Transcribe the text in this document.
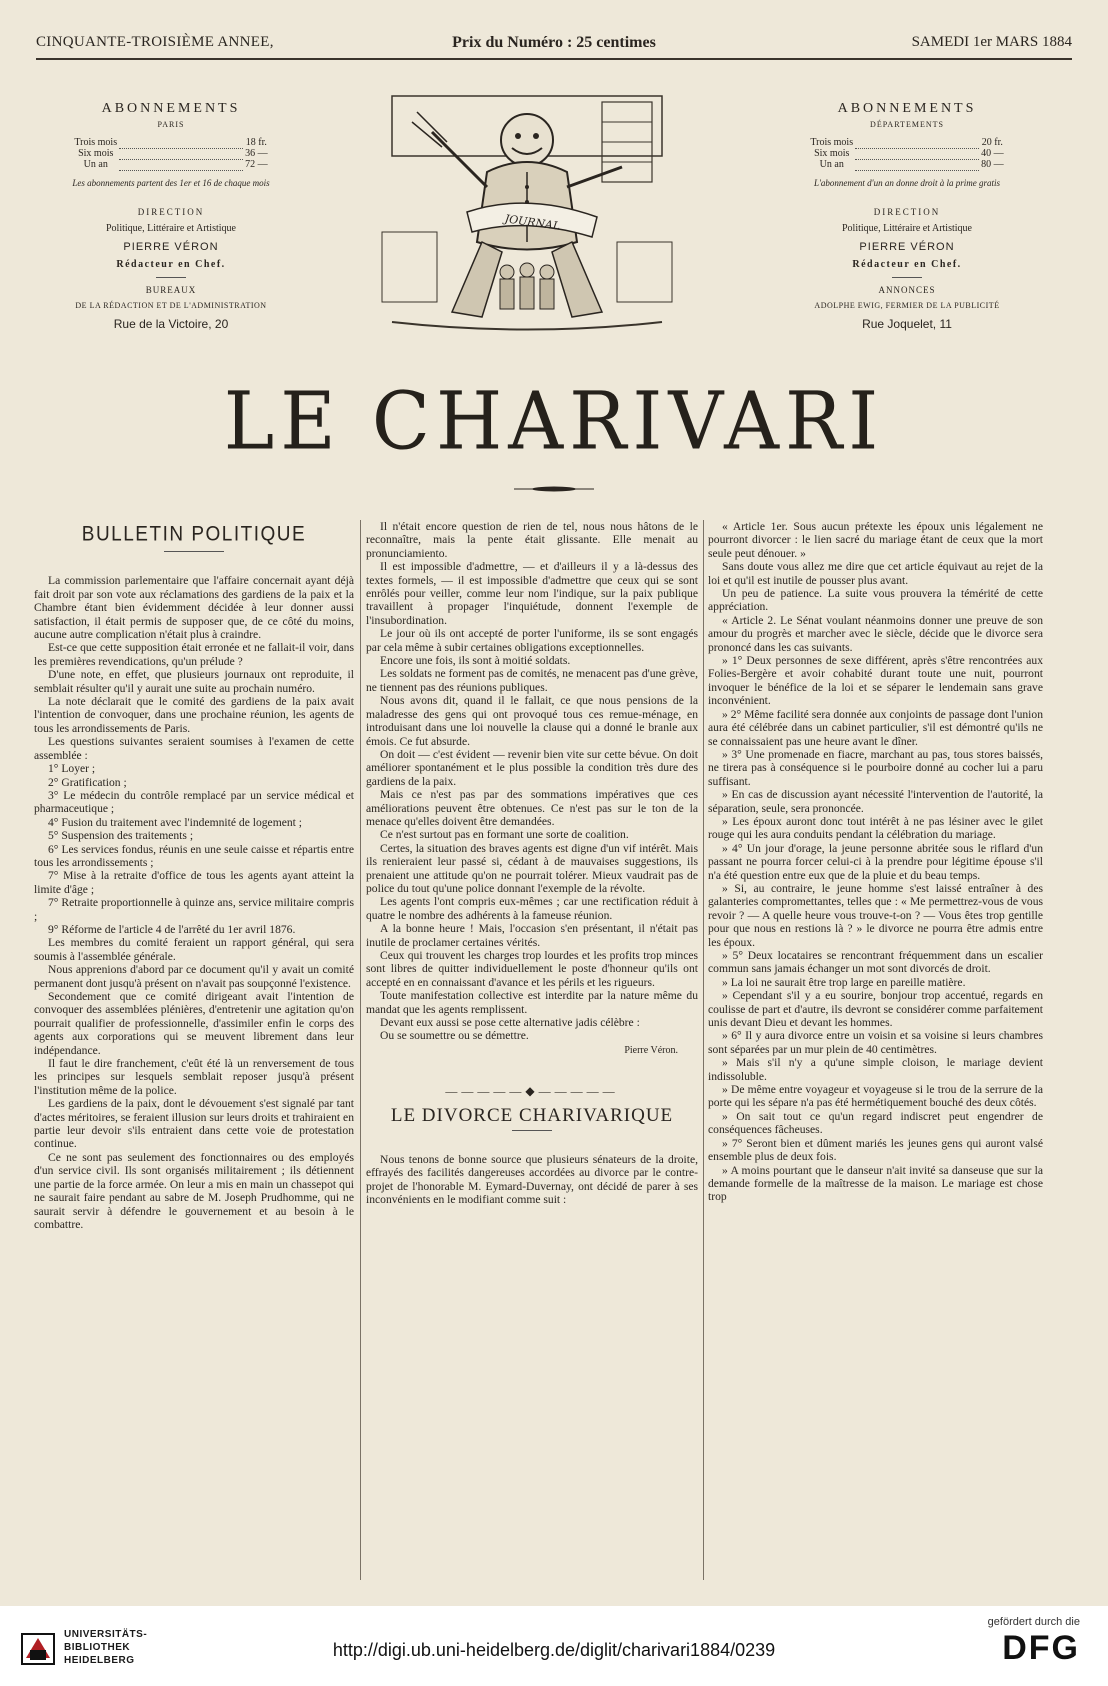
CINQUANTE-TROISIÈME ANNEE,	Prix du Numéro : 25 centimes	SAMEDI 1er MARS 1884
ABONNEMENTS
PARIS
Trois mois		18 fr.
Six mois		36 —
Un an		72 —
Les abonnements partent des 1er et 16 de chaque mois
DIRECTION
Politique, Littéraire et Artistique
PIERRE VÉRON
Rédacteur en Chef.
BUREAUX
DE LA RÉDACTION ET DE L'ADMINISTRATION
Rue de la Victoire, 20
ABONNEMENTS
DÉPARTEMENTS
Trois mois		20 fr.
Six mois		40 —
Un an		80 —
L'abonnement d'un an donne droit à la prime gratis
DIRECTION
Politique, Littéraire et Artistique
PIERRE VÉRON
Rédacteur en Chef.
ANNONCES
ADOLPHE EWIG, FERMIER DE LA PUBLICITÉ
Rue Joquelet, 11
JOURNAL
LE CHARIVARI
BULLETIN POLITIQUE

La commission parlementaire que l'affaire concernait ayant déjà fait droit par son vote aux réclamations des gardiens de la paix et la Chambre étant bien évidemment décidée à leur donner aussi satisfaction, il était permis de supposer que, de ce côté du moins, aucune autre complication n'était plus à craindre.

Est-ce que cette supposition était erronée et ne fallait-il voir, dans les premières revendications, qu'un prélude ?

D'une note, en effet, que plusieurs journaux ont reproduite, il semblait résulter qu'il y aurait une suite au prochain numéro.

La note déclarait que le comité des gardiens de la paix avait l'intention de convoquer, dans une prochaine réunion, les agents de tous les arrondissements de Paris.

Les questions suivantes seraient soumises à l'examen de cette assemblée :

1° Loyer ;

2° Gratification ;

3° Le médecin du contrôle remplacé par un service médical et pharmaceutique ;

4° Fusion du traitement avec l'indemnité de logement ;

5° Suspension des traitements ;

6° Les services fondus, réunis en une seule caisse et répartis entre tous les arrondissements ;

7° Mise à la retraite d'office de tous les agents ayant atteint la limite d'âge ;

7° Retraite proportionnelle à quinze ans, service militaire compris ;

9° Réforme de l'article 4 de l'arrêté du 1er avril 1876.

Les membres du comité feraient un rapport général, qui sera soumis à l'assemblée générale.

Nous apprenions d'abord par ce document qu'il y avait un comité permanent dont jusqu'à présent on n'avait pas soupçonné l'existence.

Secondement que ce comité dirigeant avait l'intention de convoquer des assemblées plénières, d'entretenir une agitation qu'on pourrait qualifier de professionnelle, d'assimiler enfin le corps des agents aux corporations qui se meuvent librement dans leur indépendance.

Il faut le dire franchement, c'eût été là un renversement de tous les principes sur lesquels semblait reposer jusqu'à présent l'institution même de la police.

Les gardiens de la paix, dont le dévouement s'est signalé par tant d'actes méritoires, se feraient illusion sur leurs droits et trahiraient en partie leur devoir s'ils entraient dans cette voie de protestation continue.

Ce ne sont pas seulement des fonctionnaires ou des employés d'un service civil. Ils sont organisés militairement ; ils détiennent une partie de la force armée. On leur a mis en main un chassepot qui ne saurait faire pendant au sabre de M. Joseph Prudhomme, qui ne saurait servir à défendre le gouvernement et au besoin à le combattre.

Il n'était encore question de rien de tel, nous nous hâtons de le reconnaître, mais la pente était glissante. Elle menait au pronunciamiento.

Il est impossible d'admettre, — et d'ailleurs il y a là-dessus des textes formels, — il est impossible d'admettre que ceux qui se sont enrôlés pour veiller, comme leur nom l'indique, sur la paix publique travaillent à propager l'inquiétude, donnent l'exemple de l'insubordination.

Le jour où ils ont accepté de porter l'uniforme, ils se sont engagés par cela même à subir certaines obligations exceptionnelles.

Encore une fois, ils sont à moitié soldats.

Les soldats ne forment pas de comités, ne menacent pas d'une grève, ne tiennent pas des réunions publiques.

Nous avons dit, quand il le fallait, ce que nous pensions de la maladresse des gens qui ont provoqué tous ces remue-ménage, en introduisant dans une loi nouvelle la clause qui a donné le branle aux émois. Ce fut absurde.

On doit — c'est évident — revenir bien vite sur cette bévue. On doit améliorer spontanément et le plus possible la condition très dure des gardiens de la paix.

Mais ce n'est pas par des sommations impératives que ces améliorations peuvent être obtenues. Ce n'est pas sur le ton de la menace qu'elles doivent être demandées.

Ce n'est surtout pas en formant une sorte de coalition.

Certes, la situation des braves agents est digne d'un vif intérêt. Mais ils renieraient leur passé si, cédant à de mauvaises suggestions, ils prenaient une attitude qu'on ne pourrait tolérer. Mieux vaudrait pas de police du tout qu'une police donnant l'exemple de la révolte.

Les agents l'ont compris eux-mêmes ; car une rectification réduit à quatre le nombre des adhérents à la fameuse réunion.

A la bonne heure ! Mais, l'occasion s'en présentant, il n'était pas inutile de proclamer certaines vérités.

Ceux qui trouvent les charges trop lourdes et les profits trop minces sont libres de quitter individuellement le poste d'honneur qu'ils ont accepté en en connaissant d'avance et les périls et les rigueurs.

Toute manifestation collective est interdite par la nature même du mandat que les agents remplissent.

Devant eux aussi se pose cette alternative jadis célèbre :

Ou se soumettre ou se démettre.

Pierre Véron.
—————◆—————
LE DIVORCE CHARIVARIQUE

Nous tenons de bonne source que plusieurs sénateurs de la droite, effrayés des facilités dangereuses accordées au divorce par le contre-projet de l'honorable M. Eymard-Duvernay, ont décidé de parer à ses inconvénients en le modifiant comme suit :

« Article 1er. Sous aucun prétexte les époux unis légalement ne pourront divorcer : le lien sacré du mariage étant de ceux que la mort seule peut dénouer. »

Sans doute vous allez me dire que cet article équivaut au rejet de la loi et qu'il est inutile de pousser plus avant.

Un peu de patience. La suite vous prouvera la témérité de cette appréciation.

« Article 2. Le Sénat voulant néanmoins donner une preuve de son amour du progrès et marcher avec le siècle, décide que le divorce sera prononcé dans les cas suivants.

» 1° Deux personnes de sexe différent, après s'être rencontrées aux Folies-Bergère et avoir cohabité durant toute une nuit, pourront invoquer le bénéfice de la loi et se séparer le lendemain sans grave inconvénient.

» 2° Même facilité sera donnée aux conjoints de passage dont l'union aura été célébrée dans un cabinet particulier, s'il est démontré qu'ils ne se connaissaient pas une heure avant le dîner.

» 3° Une promenade en fiacre, marchant au pas, tous stores baissés, ne tirera pas à conséquence si le pourboire donné au cocher lui a paru suffisant.

» En cas de discussion ayant nécessité l'intervention de l'autorité, la séparation, seule, sera prononcée.

» Les époux auront donc tout intérêt à ne pas lésiner avec le gilet rouge qui les aura conduits pendant la célébration du mariage.

» 4° Un jour d'orage, la jeune personne abritée sous le riflard d'un passant ne pourra forcer celui-ci à la prendre pour légitime épouse s'il n'a été question entre eux que de la pluie et du beau temps.

» Si, au contraire, le jeune homme s'est laissé entraîner à des galanteries compromettantes, telles que : « Me permettrez-vous de vous revoir ? — A quelle heure vous trouve-t-on ? — Vous êtes trop gentille pour que nous en restions là ? » le divorce ne pourra être admis entre les époux.

» 5° Deux locataires se rencontrant fréquemment dans un escalier commun sans jamais échanger un mot sont divorcés de droit.

» La loi ne saurait être trop large en pareille matière.

» Cependant s'il y a eu sourire, bonjour trop accentué, regards en coulisse de part et d'autre, ils devront se considérer comme parfaitement unis devant Dieu et devant les hommes.

» 6° Il y aura divorce entre un voisin et sa voisine si leurs chambres sont séparées par un mur plein de 40 centimètres.

» Mais s'il n'y a qu'une simple cloison, le mariage devient indissoluble.

» De même entre voyageur et voyageuse si le trou de la serrure de la porte qui les sépare n'a pas été hermétiquement bouché des deux côtés.

» On sait tout ce qu'un regard indiscret peut engendrer de conséquences fâcheuses.

» 7° Seront bien et dûment mariés les jeunes gens qui auront valsé ensemble plus de deux fois.

» A moins pourtant que le danseur n'ait invité sa danseuse que sur la demande formelle de la maîtresse de la maison. Le mariage est chose trop

UNIVERSITÄTS-
BIBLIOTHEK
HEIDELBERG
http://digi.ub.uni-heidelberg.de/diglit/charivari1884/0239
gefördert durch die
DFG
